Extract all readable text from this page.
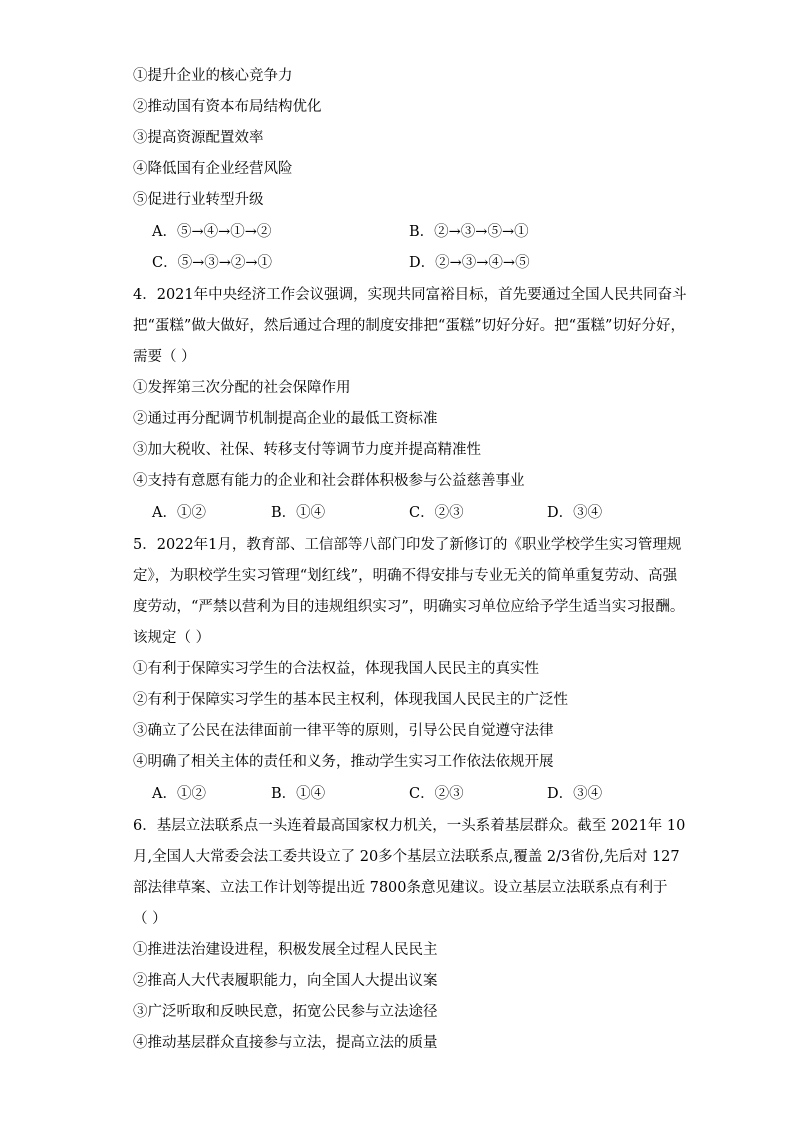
①提升企业的核心竞争力
②推动国有资本布局结构优化
③提高资源配置效率
④降低国有企业经营风险
⑤促进行业转型升级
A．⑤→④→①→②	B．②→③→⑤→①
C．⑤→③→②→①	D．②→③→④→⑤
4．2021年中央经济工作会议强调，实现共同富裕目标，首先要通过全国人民共同奋斗
把“蛋糕”做大做好，然后通过合理的制度安排把“蛋糕”切好分好。把“蛋糕”切好分好，
需要（ ）
①发挥第三次分配的社会保障作用
②通过再分配调节机制提高企业的最低工资标准
③加大税收、社保、转移支付等调节力度并提高精准性
④支持有意愿有能力的企业和社会群体积极参与公益慈善事业
A．①②	B．①④	C．②③	D．③④
5．2022年1月，教育部、工信部等八部门印发了新修订的《职业学校学生实习管理规
定》，为职校学生实习管理“划红线”，明确不得安排与专业无关的简单重复劳动、高强
度劳动，“严禁以营利为目的违规组织实习”，明确实习单位应给予学生适当实习报酬。
该规定（ ）
①有利于保障实习学生的合法权益，体现我国人民民主的真实性
②有利于保障实习学生的基本民主权利，体现我国人民民主的广泛性
③确立了公民在法律面前一律平等的原则，引导公民自觉遵守法律
④明确了相关主体的责任和义务，推动学生实习工作依法依规开展
A．①②	B．①④	C．②③	D．③④
6．基层立法联系点一头连着最高国家权力机关，一头系着基层群众。截至 2021年 10
月,全国人大常委会法工委共设立了 20多个基层立法联系点,覆盖 2/3省份,先后对 127
部法律草案、立法工作计划等提出近 7800条意见建议。设立基层立法联系点有利于
（ ）
①推进法治建设进程，积极发展全过程人民民主
②推高人大代表履职能力，向全国人大提出议案
③广泛听取和反映民意，拓宽公民参与立法途径
④推动基层群众直接参与立法，提高立法的质量
